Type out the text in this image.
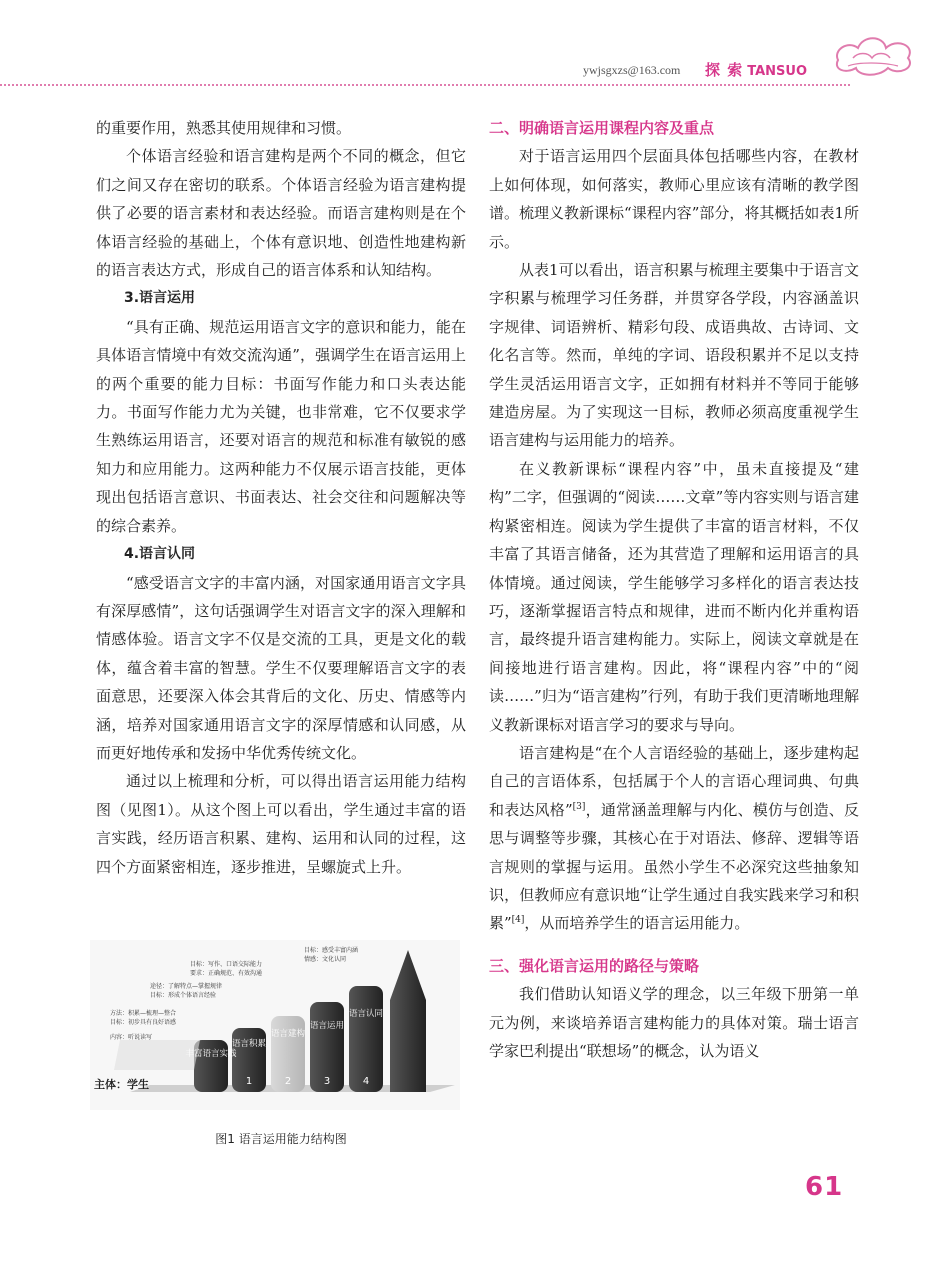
ywjsgxzs@163.com 探 索 TANSUO

的重要作用，熟悉其使用规律和习惯。

个体语言经验和语言建构是两个不同的概念，但它们之间又存在密切的联系。个体语言经验为语言建构提供了必要的语言素材和表达经验。而语言建构则是在个体语言经验的基础上，个体有意识地、创造性地建构新的语言表达方式，形成自己的语言体系和认知结构。

3.语言运用

“具有正确、规范运用语言文字的意识和能力，能在具体语言情境中有效交流沟通”，强调学生在语言运用上的两个重要的能力目标：书面写作能力和口头表达能力。书面写作能力尤为关键，也非常难，它不仅要求学生熟练运用语言，还要对语言的规范和标准有敏锐的感知力和应用能力。这两种能力不仅展示语言技能，更体现出包括语言意识、书面表达、社会交往和问题解决等的综合素养。

4.语言认同

“感受语言文字的丰富内涵，对国家通用语言文字具有深厚感情”，这句话强调学生对语言文字的深入理解和情感体验。语言文字不仅是交流的工具，更是文化的载体，蕴含着丰富的智慧。学生不仅要理解语言文字的表面意思，还要深入体会其背后的文化、历史、情感等内涵，培养对国家通用语言文字的深厚情感和认同感，从而更好地传承和发扬中华优秀传统文化。

通过以上梳理和分析，可以得出语言运用能力结构图（见图1）。从这个图上可以看出，学生通过丰富的语言实践，经历语言积累、建构、运用和认同的过程，这四个方面紧密相连，逐步推进，呈螺旋式上升。

二、明确语言运用课程内容及重点

对于语言运用四个层面具体包括哪些内容，在教材上如何体现，如何落实，教师心里应该有清晰的教学图谱。梳理义教新课标“课程内容”部分，将其概括如表1所示。

从表1可以看出，语言积累与梳理主要集中于语言文字积累与梳理学习任务群，并贯穿各学段，内容涵盖识字规律、词语辨析、精彩句段、成语典故、古诗词、文化名言等。然而，单纯的字词、语段积累并不足以支持学生灵活运用语言文字，正如拥有材料并不等同于能够建造房屋。为了实现这一目标，教师必须高度重视学生语言建构与运用能力的培养。

在义教新课标“课程内容”中，虽未直接提及“建构”二字，但强调的“阅读……文章”等内容实则与语言建构紧密相连。阅读为学生提供了丰富的语言材料，不仅丰富了其语言储备，还为其营造了理解和运用语言的具体情境。通过阅读，学生能够学习多样化的语言表达技巧，逐渐掌握语言特点和规律，进而不断内化并重构语言，最终提升语言建构能力。实际上，阅读文章就是在间接地进行语言建构。因此，将“课程内容”中的“阅读……”归为“语言建构”行列，有助于我们更清晰地理解义教新课标对语言学习的要求与导向。

语言建构是“在个人言语经验的基础上，逐步建构起自己的言语体系，包括属于个人的言语心理词典、句典和表达风格”[3]，通常涵盖理解与内化、模仿与创造、反思与调整等步骤，其核心在于对语法、修辞、逻辑等语言规则的掌握与运用。虽然小学生不必深究这些抽象知识，但教师应有意识地“让学生通过自我实践来学习和积累”[4]，从而培养学生的语言运用能力。

三、强化语言运用的路径与策略

我们借助认知语义学的理念，以三年级下册第一单元为例，来谈培养语言建构能力的具体对策。瑞士语言学家巴利提出“联想场”的概念，认为语义

丰富语言实践
语言积累
语言建构
语言运用
语言认同
1	2	3	4
主体：学生
内容：听说读写
方法：积累—梳理—整合
目标：初步具有良好语感
途径：了解特点—掌握规律
目标：形成个体语言经验
目标：写作、口语交际能力
要求：正确规范、有效沟通
目标：感受丰富内涵
情感：文化认同
图1 语言运用能力结构图
61
